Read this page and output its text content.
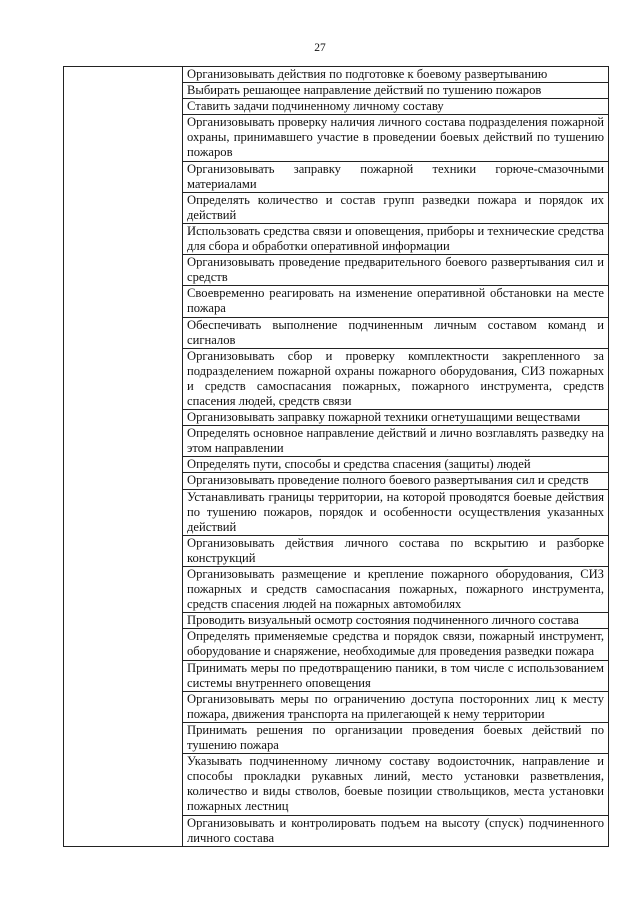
27
Организовывать действия по подготовке к боевому развертыванию
Выбирать решающее направление действий по тушению пожаров
Ставить задачи подчиненному личному составу
Организовывать проверку наличия личного состава подразделения пожарной охраны, принимавшего участие в проведении боевых действий по тушению пожаров
Организовывать заправку пожарной техники горюче-смазочными материалами
Определять количество и состав групп разведки пожара и порядок их действий
Использовать средства связи и оповещения, приборы и технические средства для сбора и обработки оперативной информации
Организовывать проведение предварительного боевого развертывания сил и средств
Своевременно реагировать на изменение оперативной обстановки на месте пожара
Обеспечивать выполнение подчиненным личным составом команд и сигналов
Организовывать сбор и проверку комплектности закрепленного за подразделением пожарной охраны пожарного оборудования, СИЗ пожарных и средств самоспасания пожарных, пожарного инструмента, средств спасения людей, средств связи
Организовывать заправку пожарной техники огнетушащими веществами
Определять основное направление действий и лично возглавлять разведку на этом направлении
Определять пути, способы и средства спасения (защиты) людей
Организовывать проведение полного боевого развертывания сил и средств
Устанавливать границы территории, на которой проводятся боевые действия по тушению пожаров, порядок и особенности осуществления указанных действий
Организовывать действия личного состава по вскрытию и разборке конструкций
Организовывать размещение и крепление пожарного оборудования, СИЗ пожарных и средств самоспасания пожарных, пожарного инструмента, средств спасения людей на пожарных автомобилях
Проводить визуальный осмотр состояния подчиненного личного состава
Определять применяемые средства и порядок связи, пожарный инструмент, оборудование и снаряжение, необходимые для проведения разведки пожара
Принимать меры по предотвращению паники, в том числе с использованием системы внутреннего оповещения
Организовывать меры по ограничению доступа посторонних лиц к месту пожара, движения транспорта на прилегающей к нему территории
Принимать решения по организации проведения боевых действий по тушению пожара
Указывать подчиненному личному составу водоисточник, направление и способы прокладки рукавных линий, место установки разветвления, количество и виды стволов, боевые позиции ствольщиков, места установки пожарных лестниц
Организовывать и контролировать подъем на высоту (спуск) подчиненного личного состава
